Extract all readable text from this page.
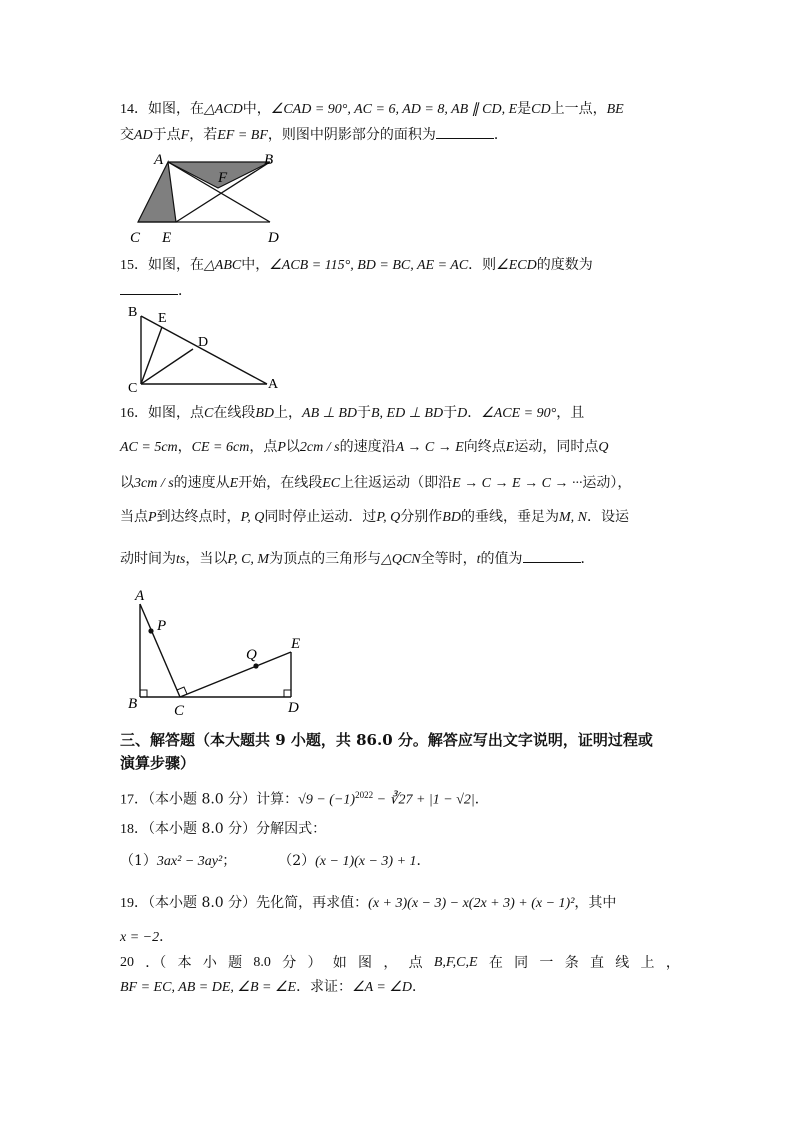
14．如图，在△ACD中，∠CAD = 90°, AC = 6, AD = 8, AB ∥ CD, E是CD上一点，BE
交AD于点F，若EF = BF，则图中阴影部分的面积为	．
A	B
F
C E	D
15．如图，在△ABC中，∠ACB = 115°, BD = BC, AE = AC．则∠ECD的度数为
．
B E
D
C	A
16．如图，点C在线段BD上，AB ⊥ BD于B, ED ⊥ BD于D．∠ACE = 90°，且
AC = 5cm，CE = 6cm，点P以2cm / s的速度沿A → C → E向终点E运动，同时点Q
以3cm / s的速度从E开始，在线段EC上往返运动（即沿E → C → E → C → ···运动），
当点P到达终点时，P, Q同时停止运动．过P, Q分别作BD的垂线，垂足为M, N．设运
动时间为ts，当以P, C, M为顶点的三角形与△QCN全等时，t的值为	．
A
P
Q
E
B C	D
三、解答题（本大题共 9 小题，共 86.0 分。解答应写出文字说明，证明过程或
演算步骤）
17．（本小题 8.0 分）计算：$√9 - (-1)^{2022}$ − ∛27 + |1 − √2|．
18．（本小题 8.0 分）分解因式：
（1）3ax² − 3ay²；	（2）(x − 1)(x − 3) + 1．
19．（本小题 8.0 分）先化简，再求值：(x + 3)(x − 3) − x(2x + 3) + (x − 1)²，其中
x = −2．
20 ．（ 本 小 题 8.0 分 ） 如 图 ， 点 B,F,C,E 在 同 一 条 直 线 上 ，
BF = EC, AB = DE, ∠B = ∠E．求证：∠A = ∠D．
